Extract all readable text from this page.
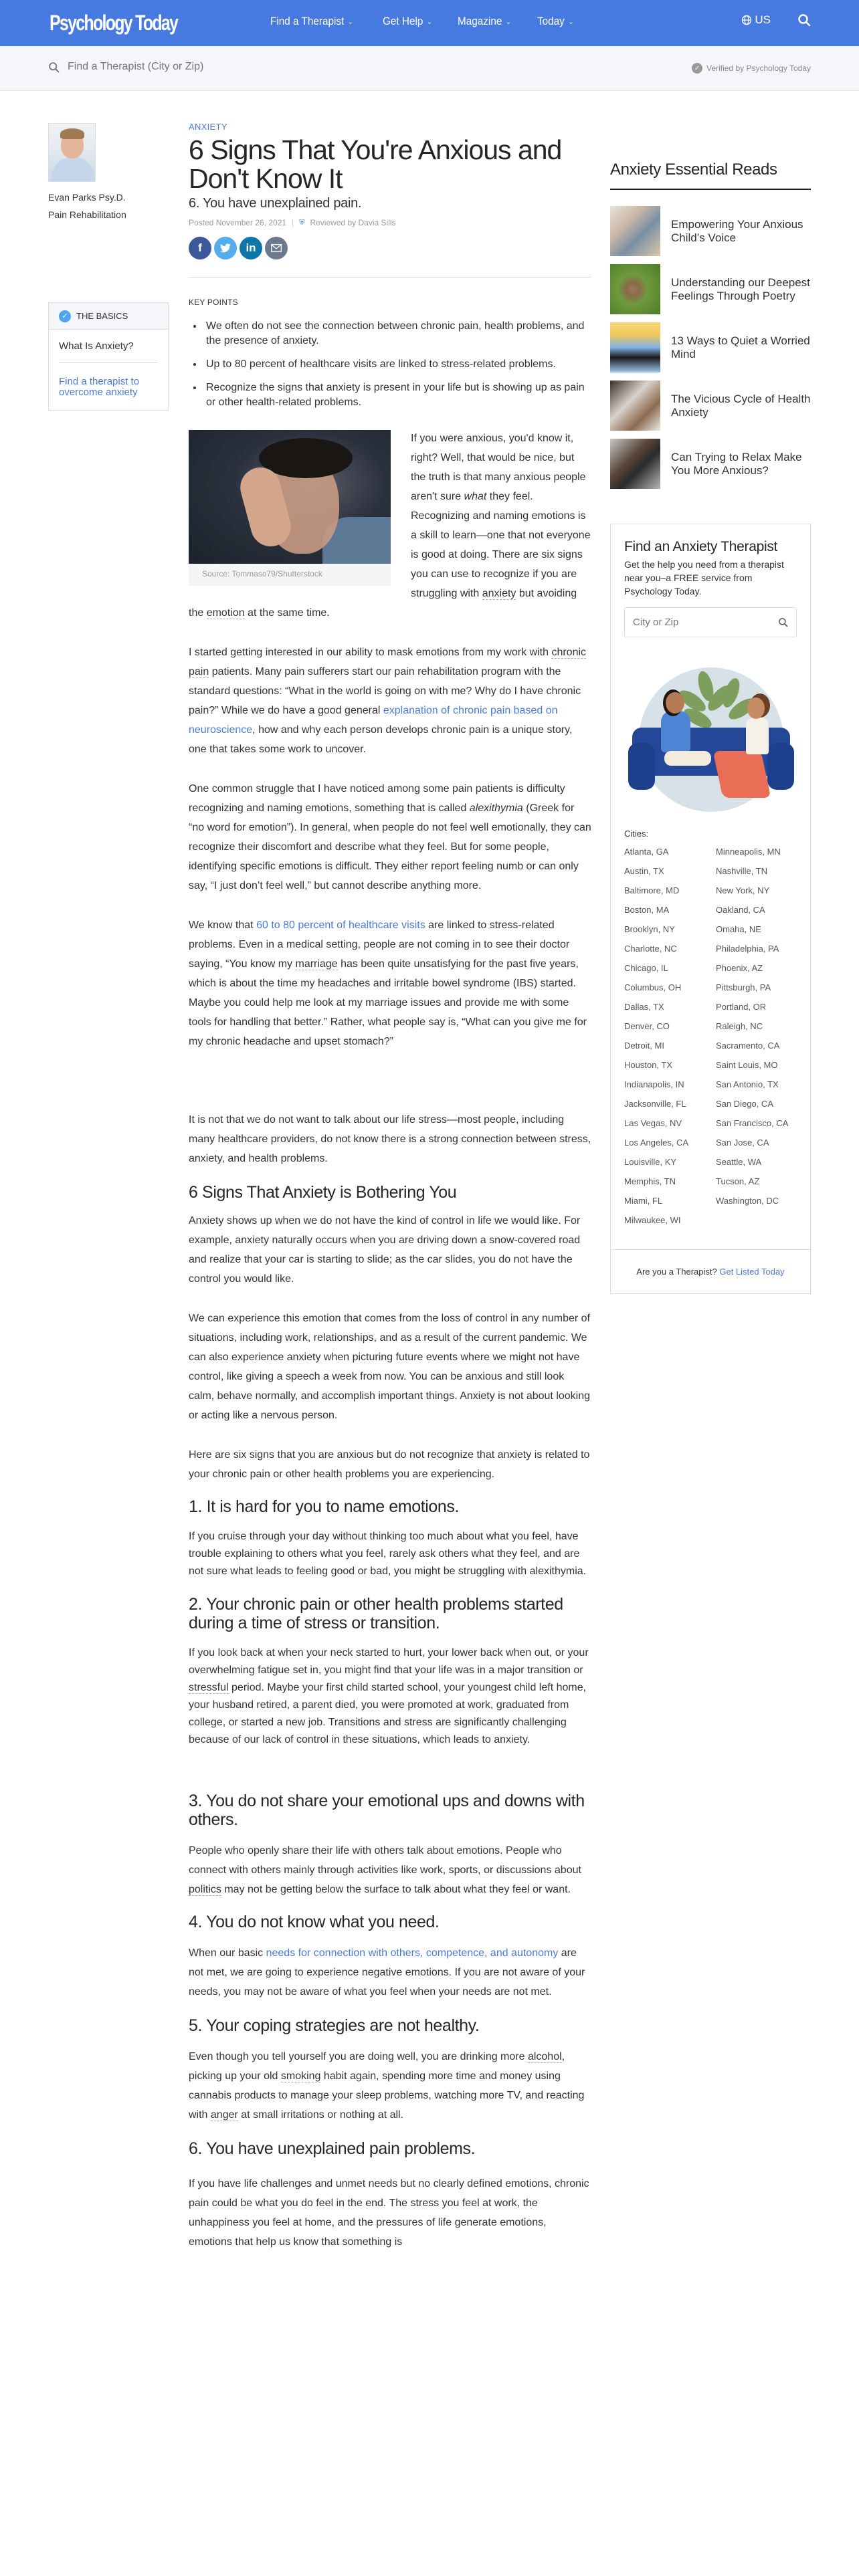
Psychology Today	Find a Therapist ⌄	Get Help ⌄ Magazine ⌄ Today ⌄	US
Find a Therapist (City or Zip)
✓ Verified by Psychology Today
Evan Parks Psy.D.
Pain Rehabilitation
✓ THE BASICS
What Is Anxiety?
Find a therapist to overcome anxiety
ANXIETY
6 Signs That You're Anxious and Don't Know It
6. You have unexplained pain.
Posted November 26, 2021 | ⛨ Reviewed by Davia Sills
f	in
KEY POINTS
• We often do not see the connection between chronic pain, health problems, and the presence of anxiety.
• Up to 80 percent of healthcare visits are linked to stress-related problems.
• Recognize the signs that anxiety is present in your life but is showing up as pain or other health-related problems.
Source: Tommaso79/Shutterstock

If you were anxious, you'd know it, right? Well, that would be nice, but the truth is that many anxious people aren't sure what they feel. Recognizing and naming emotions is a skill to learn—one that not everyone is good at doing. There are six signs you can use to recognize if you are struggling with anxiety but avoiding the emotion at the same time.

I started getting interested in our ability to mask emotions from my work with chronic pain patients. Many pain sufferers start our pain rehabilitation program with the standard questions: “What in the world is going on with me? Why do I have chronic pain?” While we do have a good general explanation of chronic pain based on neuroscience, how and why each person develops chronic pain is a unique story, one that takes some work to uncover.

One common struggle that I have noticed among some pain patients is difficulty recognizing and naming emotions, something that is called alexithymia (Greek for “no word for emotion”). In general, when people do not feel well emotionally, they can recognize their discomfort and describe what they feel. But for some people, identifying specific emotions is difficult. They either report feeling numb or can only say, “I just don’t feel well,” but cannot describe anything more.

We know that 60 to 80 percent of healthcare visits are linked to stress-related problems. Even in a medical setting, people are not coming in to see their doctor saying, “You know my marriage has been quite unsatisfying for the past five years, which is about the time my headaches and irritable bowel syndrome (IBS) started. Maybe you could help me look at my marriage issues and provide me with some tools for handling that better.” Rather, what people say is, “What can you give me for my chronic headache and upset stomach?”

It is not that we do not want to talk about our life stress—most people, including many healthcare providers, do not know there is a strong connection between stress, anxiety, and health problems.

6 Signs That Anxiety is Bothering You

Anxiety shows up when we do not have the kind of control in life we would like. For example, anxiety naturally occurs when you are driving down a snow-covered road and realize that your car is starting to slide; as the car slides, you do not have the control you would like.

We can experience this emotion that comes from the loss of control in any number of situations, including work, relationships, and as a result of the current pandemic. We can also experience anxiety when picturing future events where we might not have control, like giving a speech a week from now. You can be anxious and still look calm, behave normally, and accomplish important things. Anxiety is not about looking or acting like a nervous person.

Here are six signs that you are anxious but do not recognize that anxiety is related to your chronic pain or other health problems you are experiencing.

1. It is hard for you to name emotions.

If you cruise through your day without thinking too much about what you feel, have trouble explaining to others what you feel, rarely ask others what they feel, and are not sure what leads to feeling good or bad, you might be struggling with alexithymia.

2. Your chronic pain or other health problems started during a time of stress or transition.

If you look back at when your neck started to hurt, your lower back when out, or your overwhelming fatigue set in, you might find that your life was in a major transition or stressful period. Maybe your first child started school, your youngest child left home, your husband retired, a parent died, you were promoted at work, graduated from college, or started a new job. Transitions and stress are significantly challenging because of our lack of control in these situations, which leads to anxiety.

3. You do not share your emotional ups and downs with others.

People who openly share their life with others talk about emotions. People who connect with others mainly through activities like work, sports, or discussions about politics may not be getting below the surface to talk about what they feel or want.

4. You do not know what you need.

When our basic needs for connection with others, competence, and autonomy are not met, we are going to experience negative emotions. If you are not aware of your needs, you may not be aware of what you feel when your needs are not met.

5. Your coping strategies are not healthy.

Even though you tell yourself you are doing well, you are drinking more alcohol, picking up your old smoking habit again, spending more time and money using cannabis products to manage your sleep problems, watching more TV, and reacting with anger at small irritations or nothing at all.

6. You have unexplained pain problems.

If you have life challenges and unmet needs but no clearly defined emotions, chronic pain could be what you do feel in the end. The stress you feel at work, the unhappiness you feel at home, and the pressures of life generate emotions, emotions that help us know that something is

Anxiety Essential Reads
Empowering Your Anxious Child’s Voice
Understanding our Deepest Feelings Through Poetry
13 Ways to Quiet a Worried Mind
The Vicious Cycle of Health Anxiety
Can Trying to Relax Make You More Anxious?
Find an Anxiety Therapist
Get the help you need from a therapist near you–a FREE service from Psychology Today.
City or Zip
Cities:
Atlanta, GA
Austin, TX
Baltimore, MD
Boston, MA
Brooklyn, NY
Charlotte, NC
Chicago, IL
Columbus, OH
Dallas, TX
Denver, CO
Detroit, MI
Houston, TX
Indianapolis, IN
Jacksonville, FL
Las Vegas, NV
Los Angeles, CA
Louisville, KY
Memphis, TN
Miami, FL
Milwaukee, WI
Minneapolis, MN
Nashville, TN
New York, NY
Oakland, CA
Omaha, NE
Philadelphia, PA
Phoenix, AZ
Pittsburgh, PA
Portland, OR
Raleigh, NC
Sacramento, CA
Saint Louis, MO
San Antonio, TX
San Diego, CA
San Francisco, CA
San Jose, CA
Seattle, WA
Tucson, AZ
Washington, DC
Are you a Therapist? Get Listed Today
